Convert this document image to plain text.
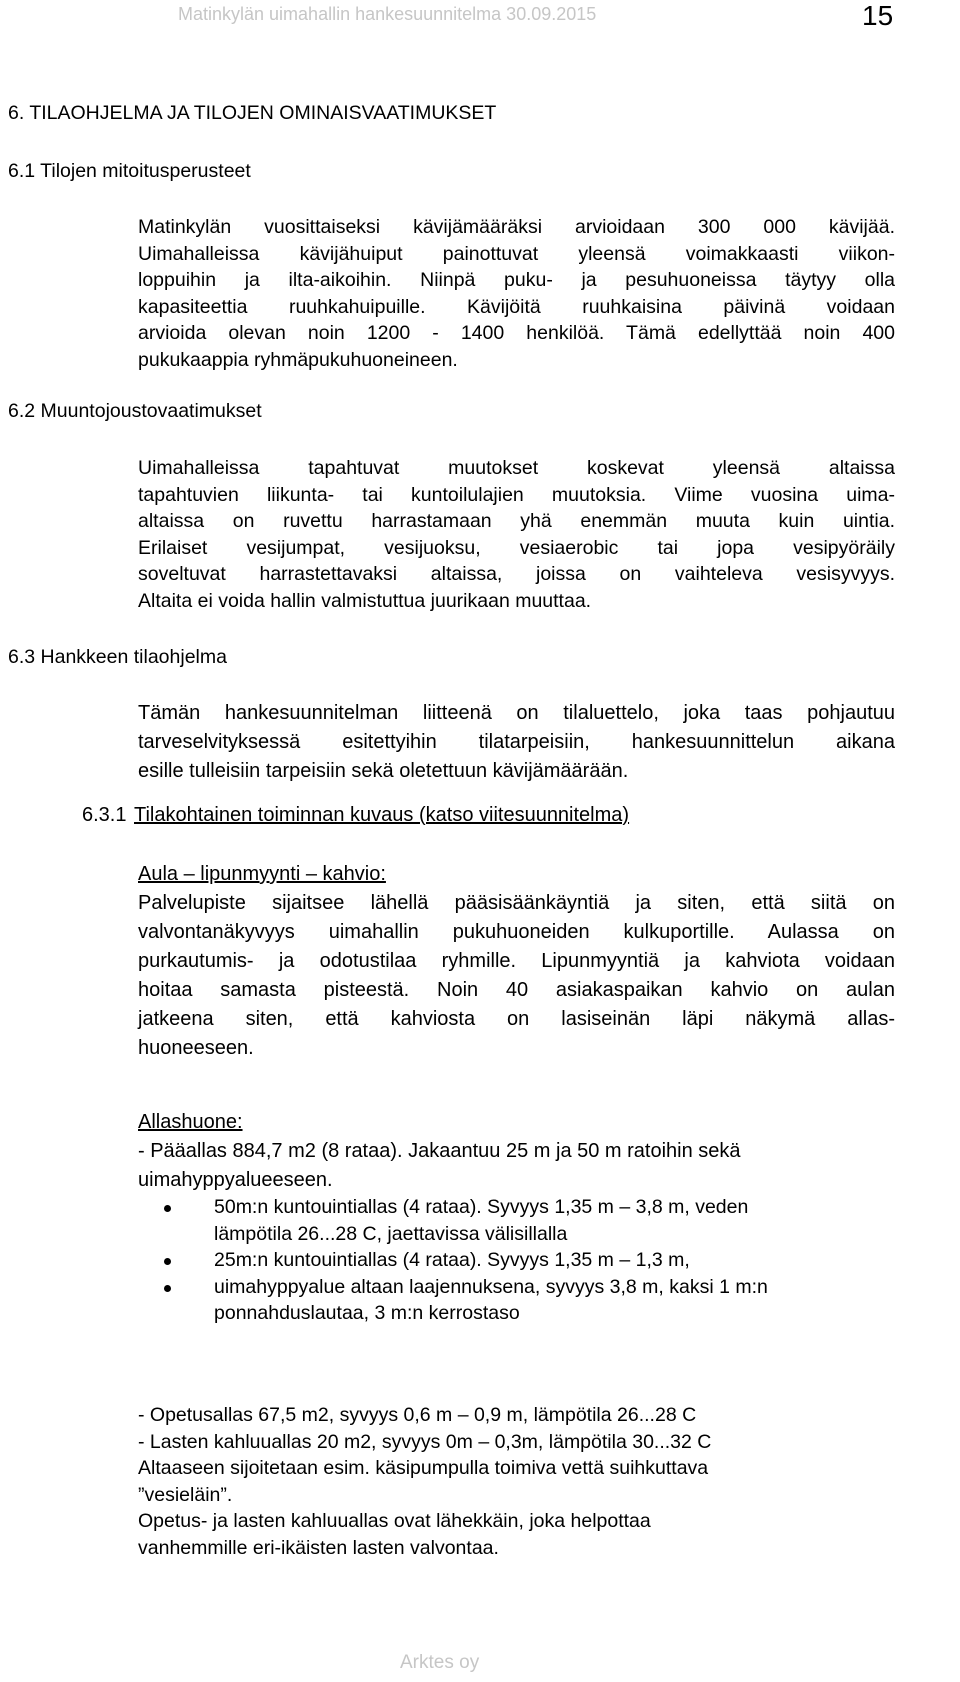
Matinkylän uimahallin hankesuunnitelma 30.09.2015	15
6. TILAOHJELMA JA TILOJEN OMINAISVAATIMUKSET
6.1 Tilojen mitoitusperusteet
Matinkylän vuosittaiseksi kävijämääräksi arvioidaan 300 000 kävijää.
Uimahalleissa kävijähuiput painottuvat yleensä voimakkaasti viikon-
loppuihin ja ilta-aikoihin. Niinpä puku- ja pesuhuoneissa täytyy olla
kapasiteettia ruuhkahuipuille. Kävijöitä ruuhkaisina päivinä voidaan
arvioida olevan noin 1200 - 1400 henkilöä. Tämä edellyttää noin 400
pukukaappia ryhmäpukuhuoneineen.
6.2 Muuntojoustovaatimukset
Uimahalleissa tapahtuvat muutokset koskevat yleensä altaissa
tapahtuvien liikunta- tai kuntoilulajien muutoksia. Viime vuosina uima-
altaissa on ruvettu harrastamaan yhä enemmän muuta kuin uintia.
Erilaiset vesijumpat, vesijuoksu, vesiaerobic tai jopa vesipyöräily
soveltuvat harrastettavaksi altaissa, joissa on vaihteleva vesisyvyys.
Altaita ei voida hallin valmistuttua juurikaan muuttaa.
6.3 Hankkeen tilaohjelma
Tämän hankesuunnitelman liitteenä on tilaluettelo, joka taas pohjautuu
tarveselvityksessä esitettyihin tilatarpeisiin, hankesuunnittelun aikana
esille tulleisiin tarpeisiin sekä oletettuun kävijämäärään.
6.3.1 Tilakohtainen toiminnan kuvaus (katso viitesuunnitelma)
Aula – lipunmyynti – kahvio:
Palvelupiste sijaitsee lähellä pääsisäänkäyntiä ja siten, että siitä on
valvontanäkyvyys uimahallin pukuhuoneiden kulkuportille. Aulassa on
purkautumis- ja odotustilaa ryhmille. Lipunmyyntiä ja kahviota voidaan
hoitaa samasta pisteestä. Noin 40 asiakaspaikan kahvio on aulan
jatkeena siten, että kahviosta on lasiseinän läpi näkymä allas-
huoneeseen.
Allashuone:
- Pääallas 884,7 m2 (8 rataa). Jakaantuu 25 m ja 50 m ratoihin sekä
uimahyppyalueeseen.
50m:n kuntouintiallas (4 rataa). Syvyys 1,35 m – 3,8 m, veden
lämpötila 26...28 C, jaettavissa välisillalla
25m:n kuntouintiallas (4 rataa). Syvyys 1,35 m – 1,3 m,
uimahyppyalue altaan laajennuksena, syvyys 3,8 m, kaksi 1 m:n
ponnahduslautaa, 3 m:n kerrostaso
- Opetusallas 67,5 m2, syvyys 0,6 m – 0,9 m, lämpötila 26...28 C
- Lasten kahluuallas 20 m2, syvyys 0m – 0,3m, lämpötila 30...32 C
Altaaseen sijoitetaan esim. käsipumpulla toimiva vettä suihkuttava
”vesieläin”.
Opetus- ja lasten kahluuallas ovat lähekkäin, joka helpottaa
vanhemmille eri-ikäisten lasten valvontaa.
Arktes oy
